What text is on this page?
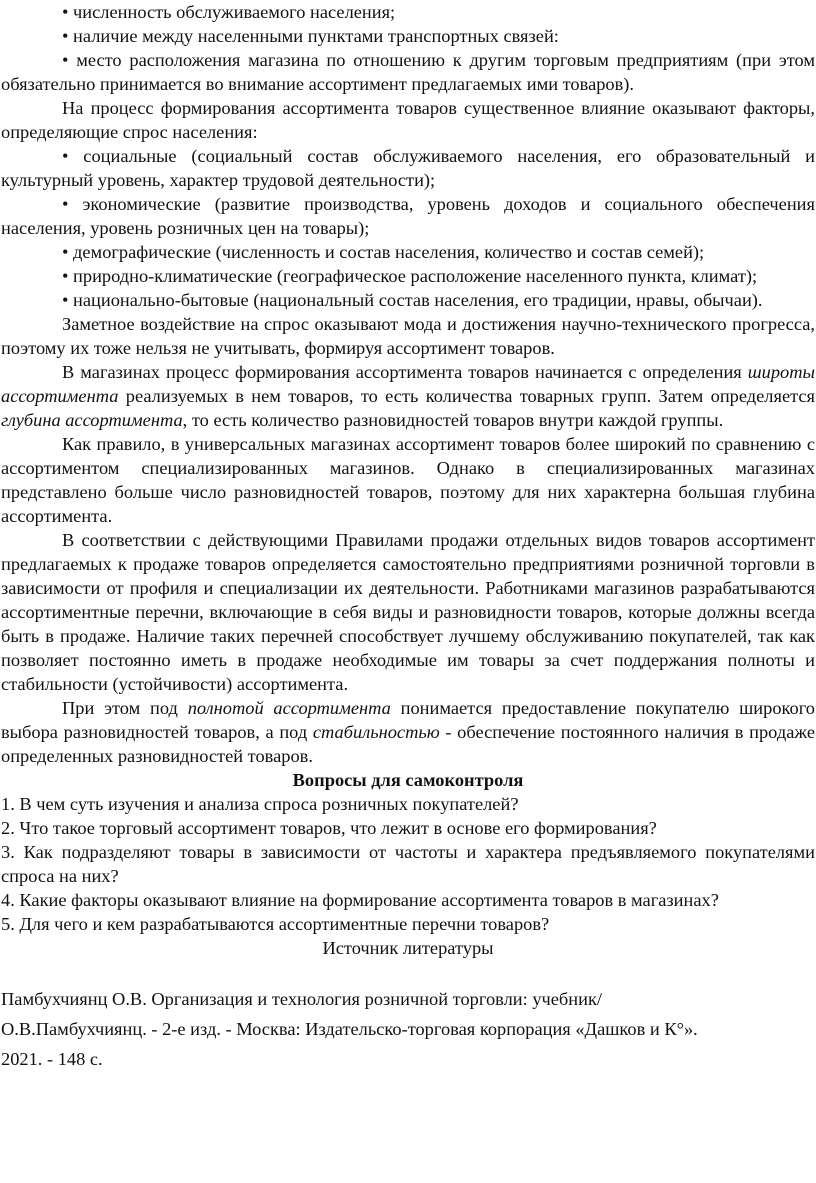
• численность обслуживаемого населения;

• наличие между населенными пунктами транспортных связей:

• место расположения магазина по отношению к другим торговым предприятиям (при этом обязательно принимается во внимание ассортимент предлагаемых ими товаров).

На процесс формирования ассортимента товаров существенное влияние оказывают факторы, определяющие спрос населения:

• социальные (социальный состав обслуживаемого населения, его образовательный и культурный уровень, характер трудовой деятельности);

• экономические (развитие производства, уровень доходов и социального обеспечения населения, уровень розничных цен на товары);

• демографические (численность и состав населения, количество и состав семей);

• природно-климатические (географическое расположение населенного пункта, климат);

• национально-бытовые (национальный состав населения, его традиции, нравы, обычаи).

Заметное воздействие на спрос оказывают мода и достижения научно-технического прогресса, поэтому их тоже нельзя не учитывать, формируя ассортимент товаров.

В магазинах процесс формирования ассортимента товаров начинается с определения широты ассортимента реализуемых в нем товаров, то есть количества товарных групп. Затем определяется глубина ассортимента, то есть количество разновидностей товаров внутри каждой группы.

Как правило, в универсальных магазинах ассортимент товаров более широкий по сравнению с ассортиментом специализированных магазинов. Однако в специализированных магазинах представлено больше число разновидностей товаров, поэтому для них характерна большая глубина ассортимента.

В соответствии с действующими Правилами продажи отдельных видов товаров ассортимент предлагаемых к продаже товаров определяется самостоятельно предприятиями розничной торговли в зависимости от профиля и специализации их деятельности. Работниками магазинов разрабатываются ассортиментные перечни, включающие в себя виды и разновидности товаров, которые должны всегда быть в продаже. Наличие таких перечней способствует лучшему обслуживанию покупателей, так как позволяет постоянно иметь в продаже необходимые им товары за счет поддержания полноты и стабильности (устойчивости) ассортимента.

При этом под полнотой ассортимента понимается предоставление покупателю широкого выбора разновидностей товаров, а под стабильностью - обеспечение постоянного наличия в продаже определенных разновидностей товаров.

Вопросы для самоконтроля

1. В чем суть изучения и анализа спроса розничных покупателей?

2. Что такое торговый ассортимент товаров, что лежит в основе его формирования?

3. Как подразделяют товары в зависимости от частоты и характера предъявляемого покупателями спроса на них?

4. Какие факторы оказывают влияние на формирование ассортимента товаров в магазинах?

5. Для чего и кем разрабатываются ассортиментные перечни товаров?

Источник литературы

Памбухчиянц О.В. Организация и технология розничной торговли: учебник/

О.В.Памбухчиянц. - 2-е изд. - Москва: Издательско-торговая корпорация «Дашков и К°».

2021. - 148 с.
